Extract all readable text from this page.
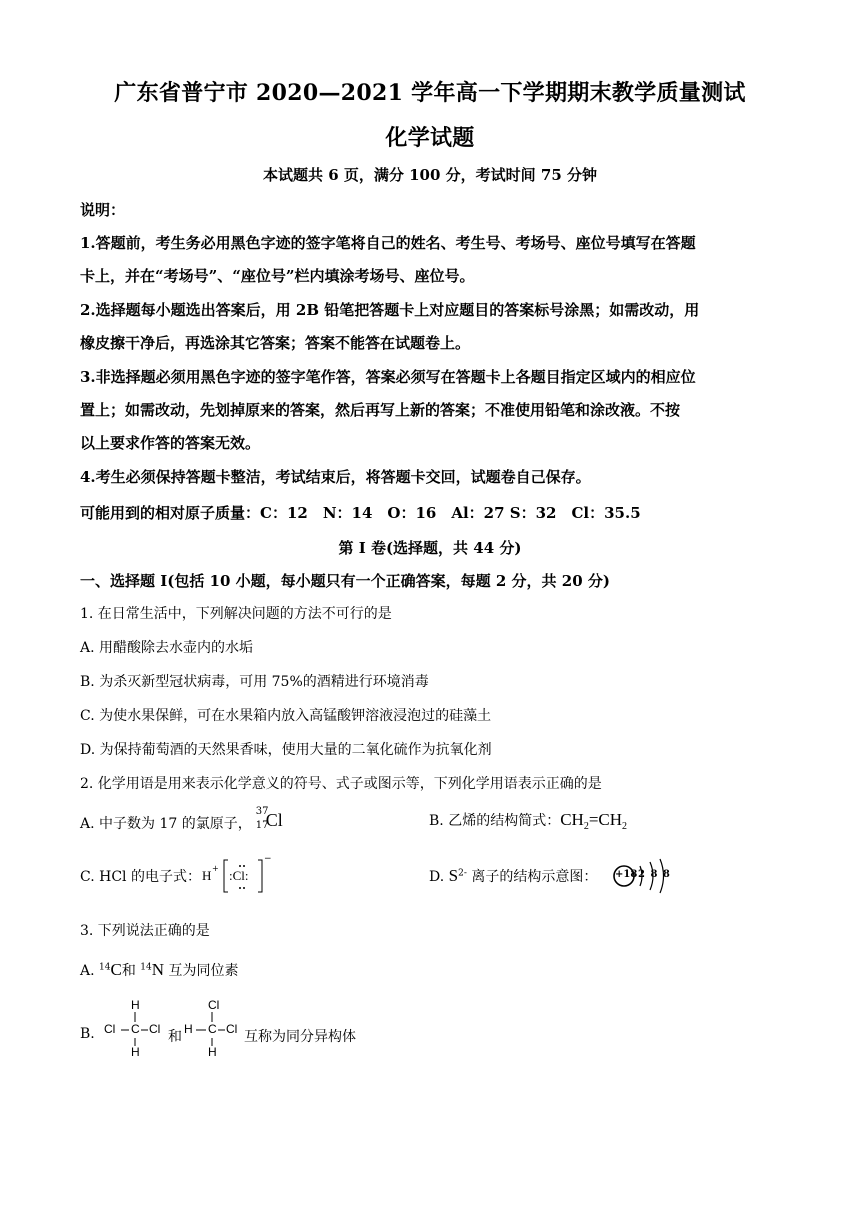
广东省普宁市 2020—2021 学年高一下学期期末教学质量测试
化学试题
本试题共 6 页，满分 100 分，考试时间 75 分钟
说明：
1.答题前，考生务必用黑色字迹的签字笔将自己的姓名、考生号、考场号、座位号填写在答题
卡上，并在“考场号”、“座位号”栏内填涂考场号、座位号。
2.选择题每小题选出答案后，用 2B 铅笔把答题卡上对应题目的答案标号涂黑；如需改动，用
橡皮擦干净后，再选涂其它答案；答案不能答在试题卷上。
3.非选择题必须用黑色字迹的签字笔作答，答案必须写在答题卡上各题目指定区域内的相应位
置上；如需改动，先划掉原来的答案，然后再写上新的答案；不准使用铅笔和涂改液。不按
以上要求作答的答案无效。
4.考生必须保持答题卡整洁，考试结束后，将答题卡交回，试题卷自己保存。
可能用到的相对原子质量：C：12　N：14　O：16　Al：27 S：32　Cl：35.5
第 I 卷(选择题，共 44 分)
一、选择题 I(包括 10 小题，每小题只有一个正确答案，每题 2 分，共 20 分)
1. 在日常生活中，下列解决问题的方法不可行的是
A. 用醋酸除去水壶内的水垢
B. 为杀灭新型冠状病毒，可用 75%的酒精进行环境消毒
C. 为使水果保鲜，可在水果箱内放入高锰酸钾溶液浸泡过的硅藻土
D. 为保持葡萄酒的天然果香味，使用大量的二氧化硫作为抗氧化剂
2. 化学用语是用来表示化学意义的符号、式子或图示等，下列化学用语表示正确的是
A. 中子数为 17 的氯原子，
37
17
Cl	B. 乙烯的结构简式：$CH_2=CH_2$
C. HCl 的电子式： H + :Cl:
−
D. $S^{2-}$ 离子的结构示意图：	+18 2 8 8
3. 下列说法正确的是
A. $^{14}$C和 $^{14}$N 互为同位素
B.
H
Cl C Cl
H
和
Cl
H C Cl
H
互称为同分异构体
